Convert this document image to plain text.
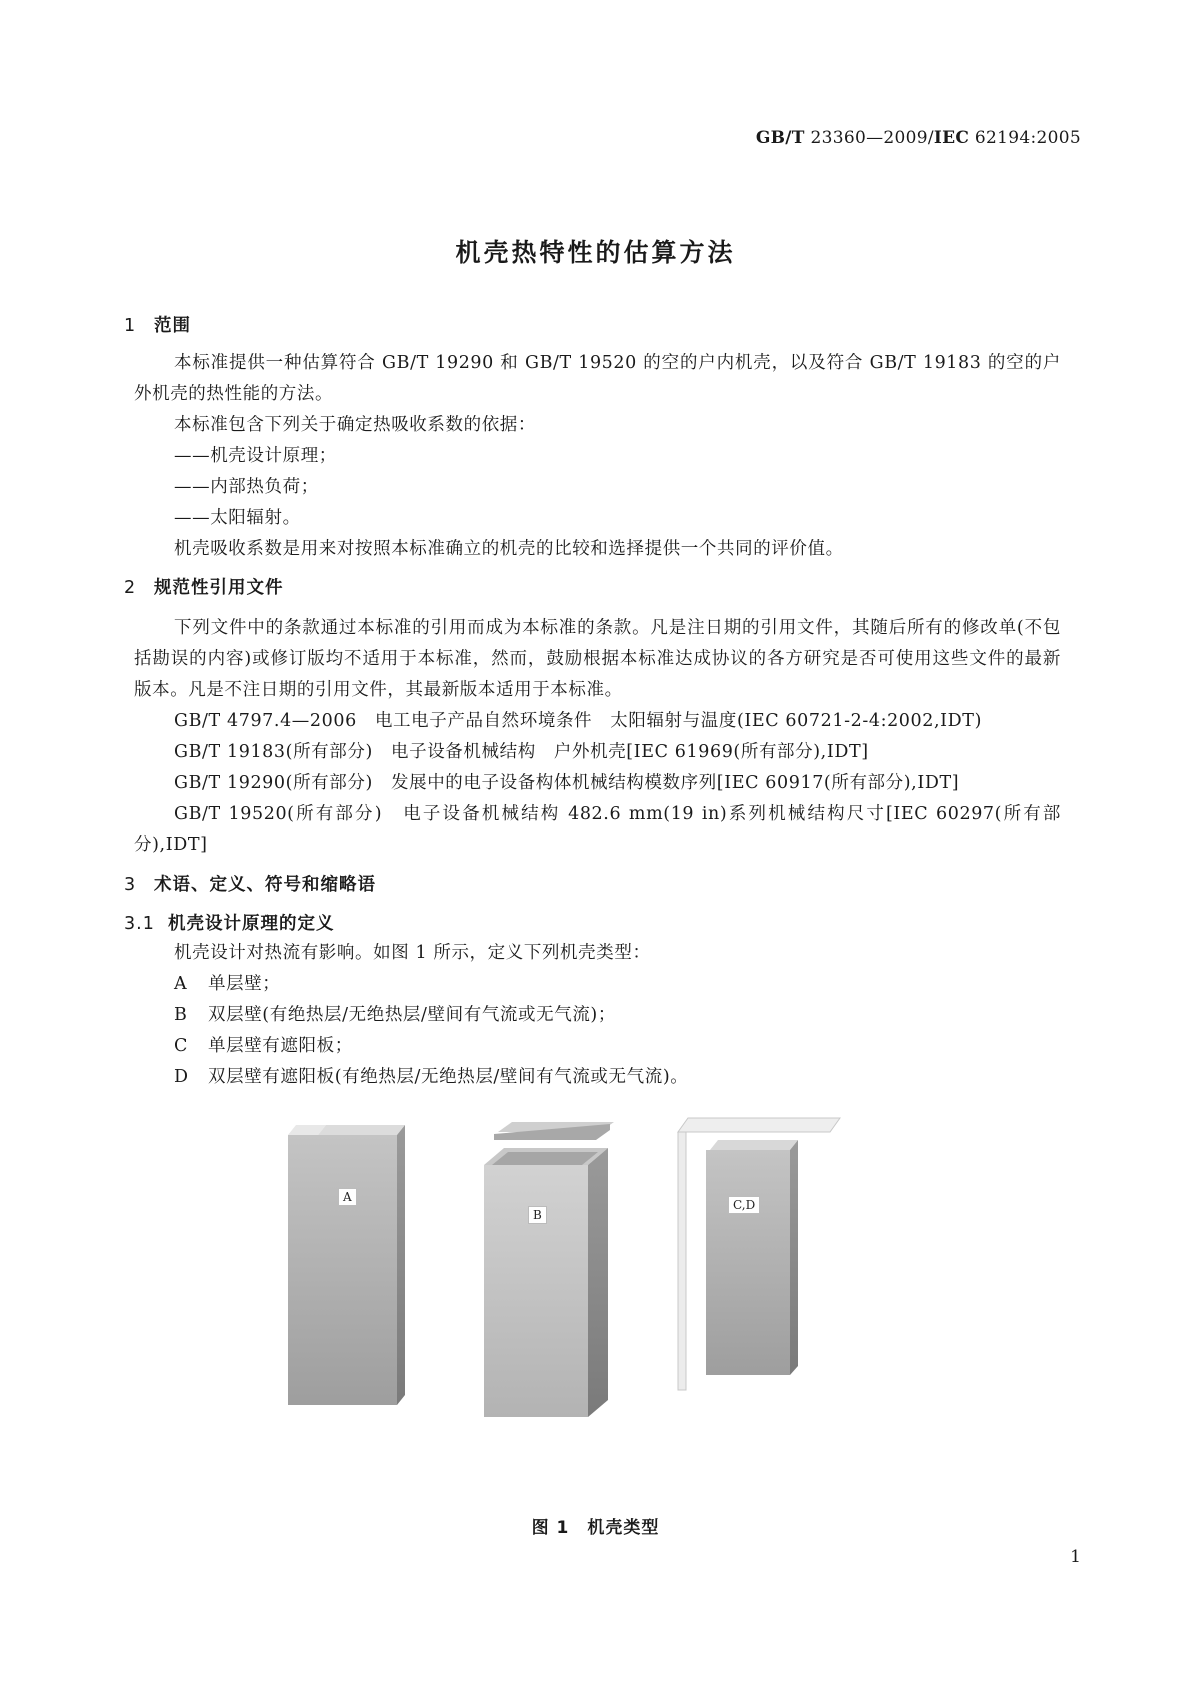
GB/T 23360—2009/IEC 62194:2005
机壳热特性的估算方法
1 范围
本标准提供一种估算符合 GB/T 19290 和 GB/T 19520 的空的户内机壳，以及符合 GB/T 19183 的空的户外机壳的热性能的方法。
本标准包含下列关于确定热吸收系数的依据：
——机壳设计原理；
——内部热负荷；
——太阳辐射。
机壳吸收系数是用来对按照本标准确立的机壳的比较和选择提供一个共同的评价值。
2 规范性引用文件
下列文件中的条款通过本标准的引用而成为本标准的条款。凡是注日期的引用文件，其随后所有的修改单(不包括勘误的内容)或修订版均不适用于本标准，然而，鼓励根据本标准达成协议的各方研究是否可使用这些文件的最新版本。凡是不注日期的引用文件，其最新版本适用于本标准。
GB/T 4797.4—2006　电工电子产品自然环境条件　太阳辐射与温度(IEC 60721-2-4:2002,IDT)
GB/T 19183(所有部分)　电子设备机械结构　户外机壳[IEC 61969(所有部分),IDT]
GB/T 19290(所有部分)　发展中的电子设备构体机械结构模数序列[IEC 60917(所有部分),IDT]
GB/T 19520(所有部分)　电子设备机械结构 482.6 mm(19 in)系列机械结构尺寸[IEC 60297(所有部分),IDT]
3 术语、定义、符号和缩略语
3.1 机壳设计原理的定义
机壳设计对热流有影响。如图 1 所示，定义下列机壳类型：
A 单层壁；
B 双层壁(有绝热层/无绝热层/壁间有气流或无气流)；
C 单层壁有遮阳板；
D 双层壁有遮阳板(有绝热层/无绝热层/壁间有气流或无气流)。
A
B
C,D
图 1　机壳类型
1
